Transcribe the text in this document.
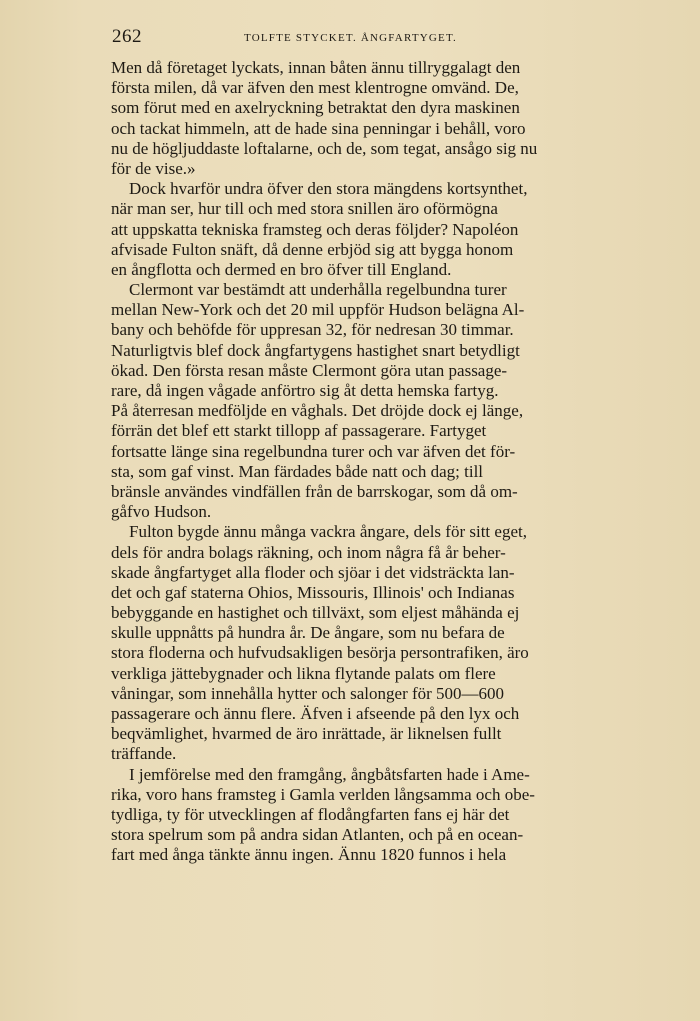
262	TOLFTE STYCKET. ÅNGFARTYGET.
Men då företaget lyckats, innan båten ännu tillryggalagt den
första milen, då var äfven den mest klentrogne omvänd. De,
som förut med en axelryckning betraktat den dyra maskinen
och tackat himmeln, att de hade sina penningar i behåll, voro
nu de högljuddaste loftalarne, och de, som tegat, ansågo sig nu
för de vise.»
Dock hvarför undra öfver den stora mängdens kortsynthet,
när man ser, hur till och med stora snillen äro oförmögna
att uppskatta tekniska framsteg och deras följder? Napoléon
afvisade Fulton snäft, då denne erbjöd sig att bygga honom
en ångflotta och dermed en bro öfver till England.
Clermont var bestämdt att underhålla regelbundna turer
mellan New-York och det 20 mil uppför Hudson belägna Al-
bany och behöfde för uppresan 32, för nedresan 30 timmar.
Naturligtvis blef dock ångfartygens hastighet snart betydligt
ökad. Den första resan måste Clermont göra utan passage-
rare, då ingen vågade anförtro sig åt detta hemska fartyg.
På återresan medföljde en våghals. Det dröjde dock ej länge,
förrän det blef ett starkt tillopp af passagerare. Fartyget
fortsatte länge sina regelbundna turer och var äfven det för-
sta, som gaf vinst. Man färdades både natt och dag; till
bränsle användes vindfällen från de barrskogar, som då om-
gåfvo Hudson.
Fulton bygde ännu många vackra ångare, dels för sitt eget,
dels för andra bolags räkning, och inom några få år beher-
skade ångfartyget alla floder och sjöar i det vidsträckta lan-
det och gaf staterna Ohios, Missouris, Illinois' och Indianas
bebyggande en hastighet och tillväxt, som eljest måhända ej
skulle uppnåtts på hundra år. De ångare, som nu befara de
stora floderna och hufvudsakligen besörja persontrafiken, äro
verkliga jättebygnader och likna flytande palats om flere
våningar, som innehålla hytter och salonger för 500—600
passagerare och ännu flere. Äfven i afseende på den lyx och
beqvämlighet, hvarmed de äro inrättade, är liknelsen fullt
träffande.
I jemförelse med den framgång, ångbåtsfarten hade i Ame-
rika, voro hans framsteg i Gamla verlden långsamma och obe-
tydliga, ty för utvecklingen af flodångfarten fans ej här det
stora spelrum som på andra sidan Atlanten, och på en ocean-
fart med ånga tänkte ännu ingen. Ännu 1820 funnos i hela
